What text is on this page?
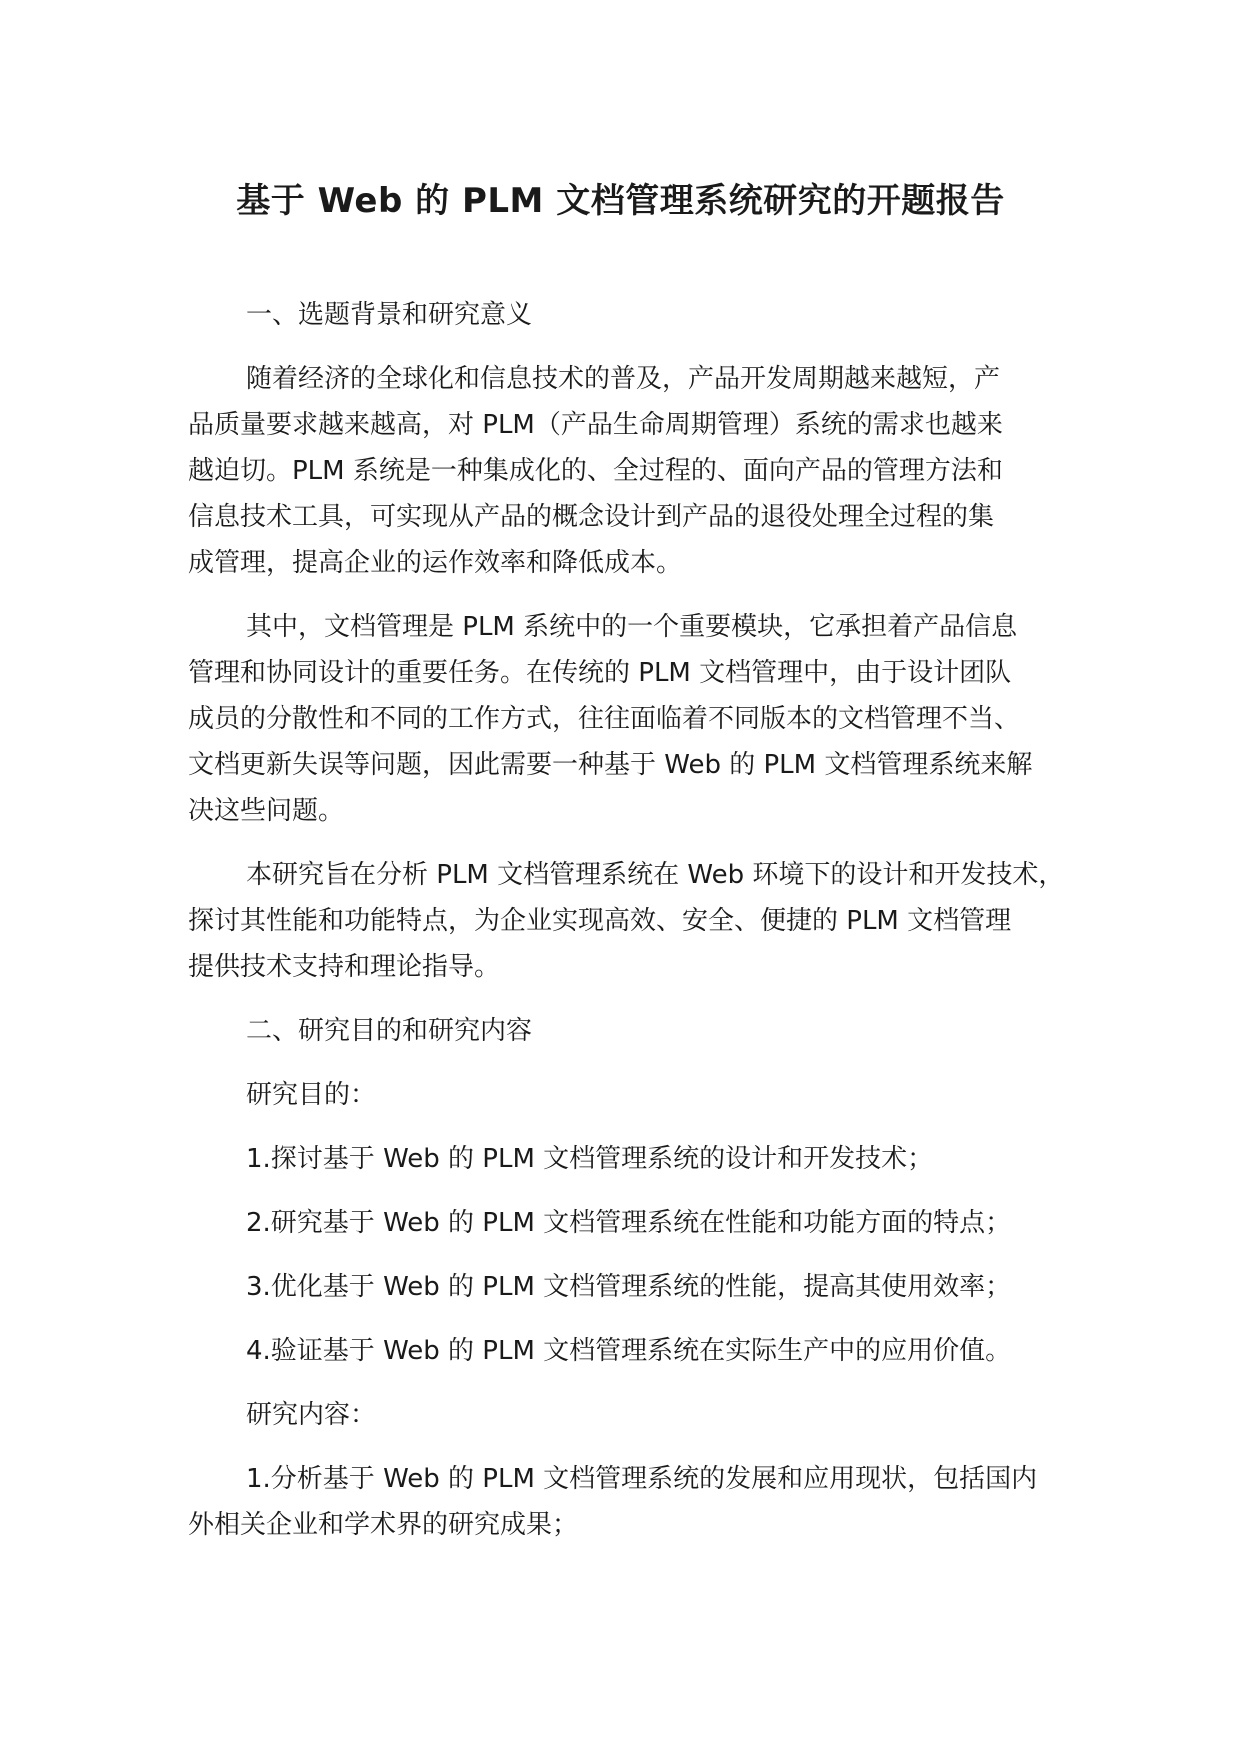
基于 Web 的 PLM 文档管理系统研究的开题报告
一、选题背景和研究意义
随着经济的全球化和信息技术的普及，产品开发周期越来越短，产
品质量要求越来越高，对 PLM（产品生命周期管理）系统的需求也越来
越迫切。PLM 系统是一种集成化的、全过程的、面向产品的管理方法和
信息技术工具，可实现从产品的概念设计到产品的退役处理全过程的集
成管理，提高企业的运作效率和降低成本。
其中，文档管理是 PLM 系统中的一个重要模块，它承担着产品信息
管理和协同设计的重要任务。在传统的 PLM 文档管理中，由于设计团队
成员的分散性和不同的工作方式，往往面临着不同版本的文档管理不当、
文档更新失误等问题，因此需要一种基于 Web 的 PLM 文档管理系统来解
决这些问题。
本研究旨在分析 PLM 文档管理系统在 Web 环境下的设计和开发技术，
探讨其性能和功能特点，为企业实现高效、安全、便捷的 PLM 文档管理
提供技术支持和理论指导。
二、研究目的和研究内容
研究目的：
1.探讨基于 Web 的 PLM 文档管理系统的设计和开发技术；
2.研究基于 Web 的 PLM 文档管理系统在性能和功能方面的特点；
3.优化基于 Web 的 PLM 文档管理系统的性能，提高其使用效率；
4.验证基于 Web 的 PLM 文档管理系统在实际生产中的应用价值。
研究内容：
1.分析基于 Web 的 PLM 文档管理系统的发展和应用现状，包括国内
外相关企业和学术界的研究成果；
